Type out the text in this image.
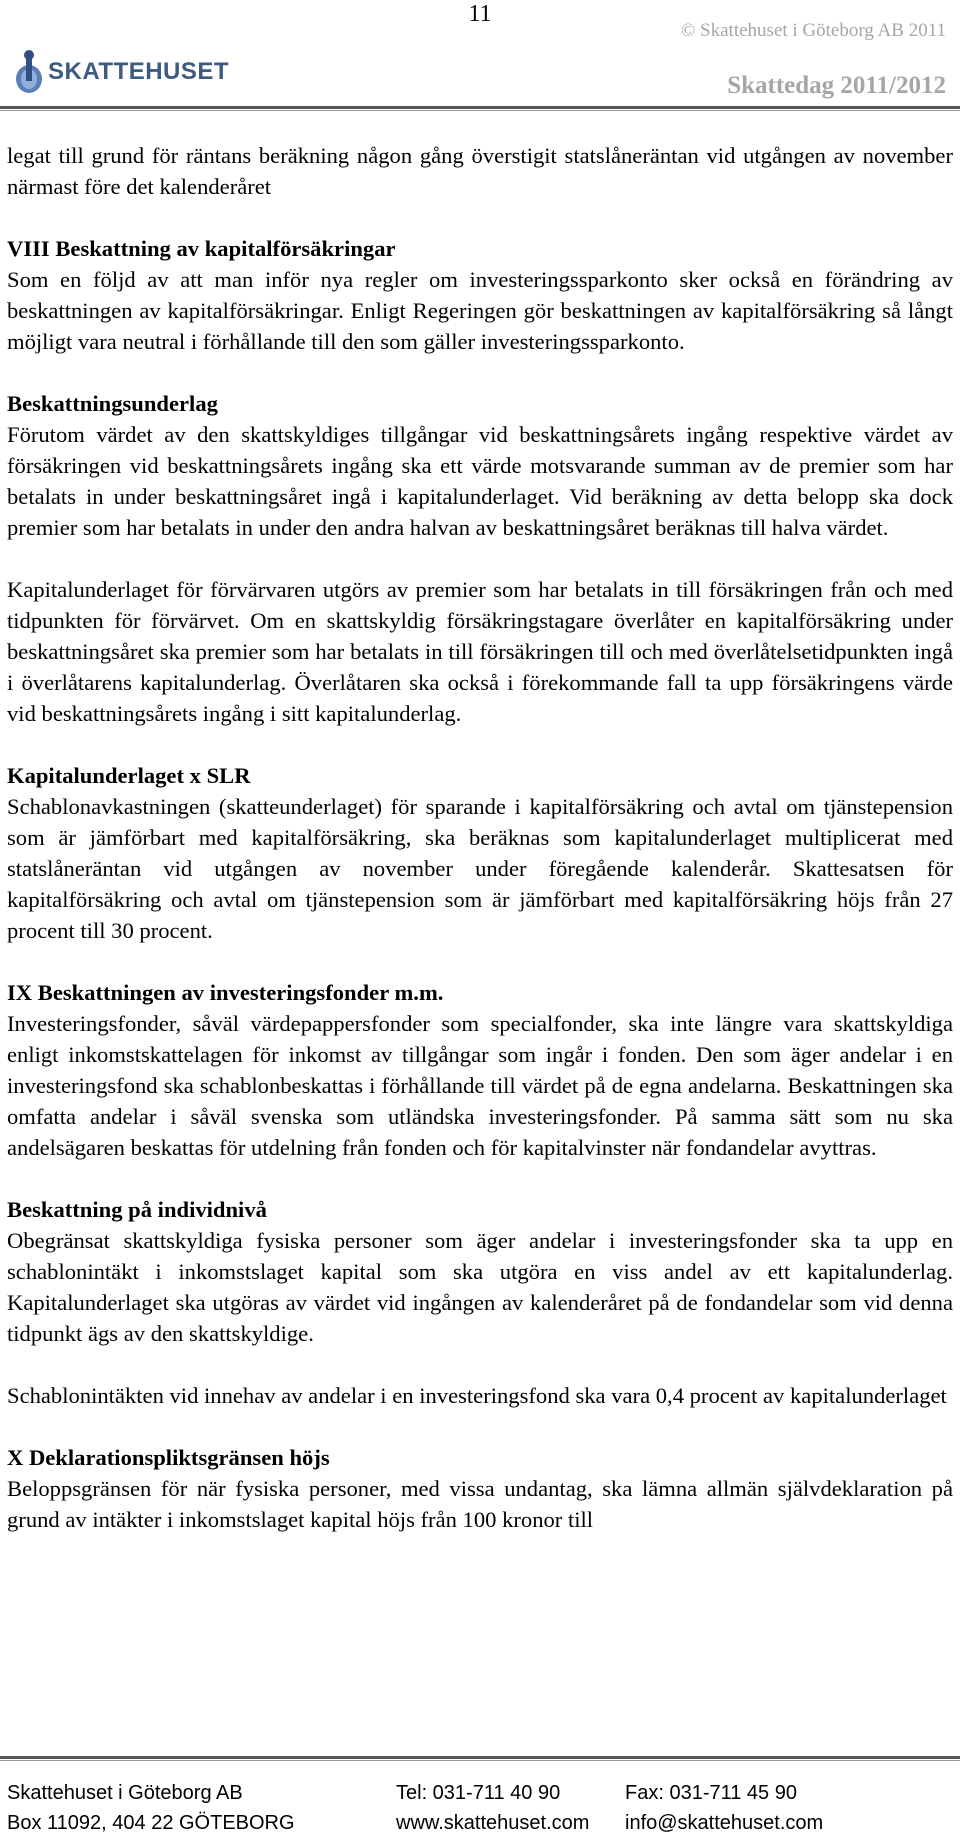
11
© Skattehuset i Göteborg AB 2011
SKATTEHUSET
Skattedag 2011/2012

legat till grund för räntans beräkning någon gång överstigit statslåneräntan vid utgången av november närmast före det kalenderåret

VIII Beskattning av kapitalförsäkringar

Som en följd av att man inför nya regler om investeringssparkonto sker också en förändring av beskattningen av kapitalförsäkringar. Enligt Regeringen gör beskattningen av kapitalförsäkring så långt möjligt vara neutral i förhållande till den som gäller investeringssparkonto.

Beskattningsunderlag

Förutom värdet av den skattskyldiges tillgångar vid beskattningsårets ingång respektive värdet av försäkringen vid beskattningsårets ingång ska ett värde motsvarande summan av de premier som har betalats in under beskattningsåret ingå i kapitalunderlaget. Vid beräkning av detta belopp ska dock premier som har betalats in under den andra halvan av beskattningsåret beräknas till halva värdet.

Kapitalunderlaget för förvärvaren utgörs av premier som har betalats in till försäkringen från och med tidpunkten för förvärvet. Om en skattskyldig försäkringstagare överlåter en kapitalförsäkring under beskattningsåret ska premier som har betalats in till försäkringen till och med överlåtelsetidpunkten ingå i överlåtarens kapitalunderlag. Överlåtaren ska också i förekommande fall ta upp försäkringens värde vid beskattningsårets ingång i sitt kapitalunderlag.

Kapitalunderlaget x SLR

Schablonavkastningen (skatteunderlaget) för sparande i kapitalförsäkring och avtal om tjänstepension som är jämförbart med kapitalförsäkring, ska beräknas som kapitalunderlaget multiplicerat med statslåneräntan vid utgången av november under föregående kalenderår. Skattesatsen för kapitalförsäkring och avtal om tjänstepension som är jämförbart med kapitalförsäkring höjs från 27 procent till 30 procent.

IX Beskattningen av investeringsfonder m.m.

Investeringsfonder, såväl värdepappersfonder som specialfonder, ska inte längre vara skattskyldiga enligt inkomstskattelagen för inkomst av tillgångar som ingår i fonden. Den som äger andelar i en investeringsfond ska schablonbeskattas i förhållande till värdet på de egna andelarna. Beskattningen ska omfatta andelar i såväl svenska som utländska investeringsfonder. På samma sätt som nu ska andelsägaren beskattas för utdelning från fonden och för kapitalvinster när fondandelar avyttras.

Beskattning på individnivå

Obegränsat skattskyldiga fysiska personer som äger andelar i investeringsfonder ska ta upp en schablonintäkt i inkomstslaget kapital som ska utgöra en viss andel av ett kapitalunderlag. Kapitalunderlaget ska utgöras av värdet vid ingången av kalenderåret på de fondandelar som vid denna tidpunkt ägs av den skattskyldige.

Schablonintäkten vid innehav av andelar i en investeringsfond ska vara 0,4 procent av kapitalunderlaget

X Deklarationspliktsgränsen höjs

Beloppsgränsen för när fysiska personer, med vissa undantag, ska lämna allmän självdeklaration på grund av intäkter i inkomstslaget kapital höjs från 100 kronor till

Skattehuset i Göteborg AB
Box 11092, 404 22 GÖTEBORG
Tel: 031-711 40 90
www.skattehuset.com
Fax: 031-711 45 90
info@skattehuset.com
